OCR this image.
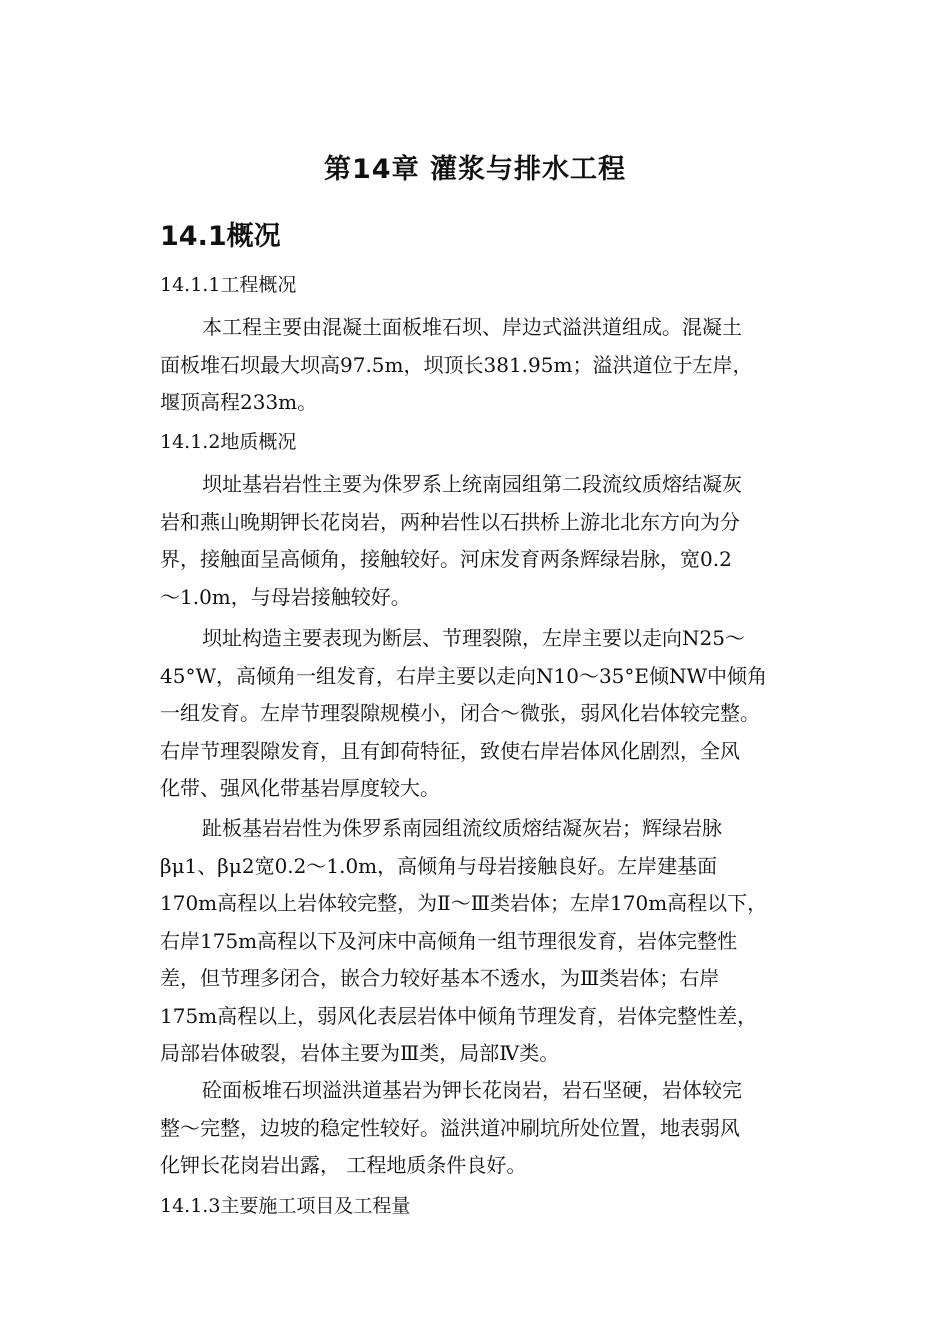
第14章 灌浆与排水工程
14.1概况
14.1.1工程概况
本工程主要由混凝土面板堆石坝、岸边式溢洪道组成。混凝土
面板堆石坝最大坝高97.5m，坝顶长381.95m；溢洪道位于左岸，
堰顶高程233m。
14.1.2地质概况
坝址基岩岩性主要为侏罗系上统南园组第二段流纹质熔结凝灰
岩和燕山晚期钾长花岗岩，两种岩性以石拱桥上游北北东方向为分
界，接触面呈高倾角，接触较好。河床发育两条辉绿岩脉，宽0.2
～1.0m，与母岩接触较好。
坝址构造主要表现为断层、节理裂隙，左岸主要以走向N25～
45°W，高倾角一组发育，右岸主要以走向N10～35°E倾NW中倾角
一组发育。左岸节理裂隙规模小，闭合～微张，弱风化岩体较完整。
右岸节理裂隙发育，且有卸荷特征，致使右岸岩体风化剧烈，全风
化带、强风化带基岩厚度较大。
趾板基岩岩性为侏罗系南园组流纹质熔结凝灰岩；辉绿岩脉
βμ1、βμ2宽0.2～1.0m，高倾角与母岩接触良好。左岸建基面
170m高程以上岩体较完整，为Ⅱ～Ⅲ类岩体；左岸170m高程以下，
右岸175m高程以下及河床中高倾角一组节理很发育，岩体完整性
差，但节理多闭合，嵌合力较好基本不透水，为Ⅲ类岩体；右岸
175m高程以上，弱风化表层岩体中倾角节理发育，岩体完整性差，
局部岩体破裂，岩体主要为Ⅲ类，局部Ⅳ类。
砼面板堆石坝溢洪道基岩为钾长花岗岩，岩石坚硬，岩体较完
整～完整，边坡的稳定性较好。溢洪道冲刷坑所处位置，地表弱风
化钾长花岗岩出露， 工程地质条件良好。
14.1.3主要施工项目及工程量
